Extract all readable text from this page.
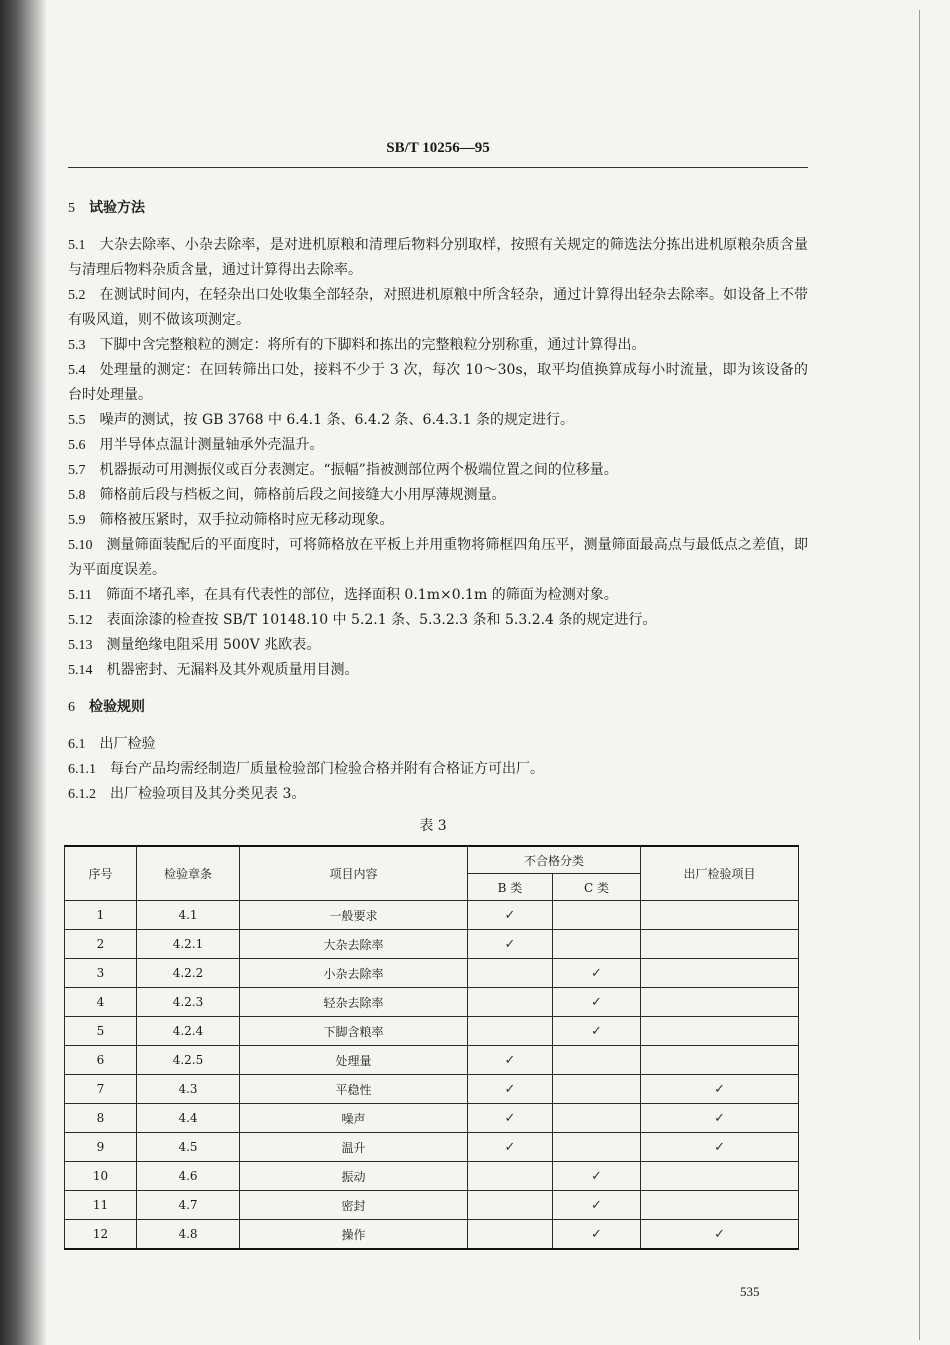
SB/T 10256—95
5 试验方法
5.1 大杂去除率、小杂去除率，是对进机原粮和清理后物料分别取样，按照有关规定的筛选法分拣出进机原粮杂质含量与清理后物料杂质含量，通过计算得出去除率。
5.2 在测试时间内，在轻杂出口处收集全部轻杂，对照进机原粮中所含轻杂，通过计算得出轻杂去除率。如设备上不带有吸风道，则不做该项测定。
5.3 下脚中含完整粮粒的测定：将所有的下脚料和拣出的完整粮粒分别称重，通过计算得出。
5.4 处理量的测定：在回转筛出口处，接料不少于 3 次，每次 10～30s，取平均值换算成每小时流量，即为该设备的台时处理量。
5.5 噪声的测试，按 GB 3768 中 6.4.1 条、6.4.2 条、6.4.3.1 条的规定进行。
5.6 用半导体点温计测量轴承外壳温升。
5.7 机器振动可用测振仪或百分表测定。“振幅”指被测部位两个极端位置之间的位移量。
5.8 筛格前后段与档板之间，筛格前后段之间接缝大小用厚薄规测量。
5.9 筛格被压紧时，双手拉动筛格时应无移动现象。
5.10 测量筛面装配后的平面度时，可将筛格放在平板上并用重物将筛框四角压平，测量筛面最高点与最低点之差值，即为平面度误差。
5.11 筛面不堵孔率，在具有代表性的部位，选择面积 0.1m×0.1m 的筛面为检测对象。
5.12 表面涂漆的检查按 SB/T 10148.10 中 5.2.1 条、5.3.2.3 条和 5.3.2.4 条的规定进行。
5.13 测量绝缘电阻采用 500V 兆欧表。
5.14 机器密封、无漏料及其外观质量用目测。
6 检验规则
6.1 出厂检验
6.1.1 每台产品均需经制造厂质量检验部门检验合格并附有合格证方可出厂。
6.1.2 出厂检验项目及其分类见表 3。
表 3
序号	检验章条	项目内容	不合格分类		出厂检验项目
			B 类	C 类	
1	4.1	一般要求	✓		
2	4.2.1	大杂去除率	✓		
3	4.2.2	小杂去除率		✓	
4	4.2.3	轻杂去除率		✓	
5	4.2.4	下脚含粮率		✓	
6	4.2.5	处理量	✓		
7	4.3	平稳性	✓		✓
8	4.4	噪声	✓		✓
9	4.5	温升	✓		✓
10	4.6	振动		✓	
11	4.7	密封		✓	
12	4.8	操作		✓	✓
535
